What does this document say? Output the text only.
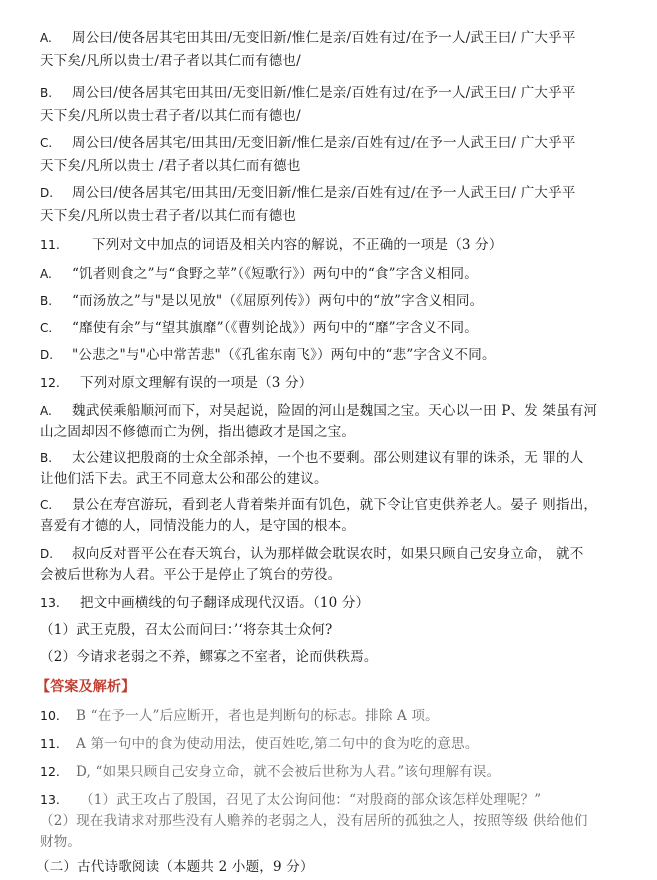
A.	周公曰/使各居其宅田其田/无变旧新/惟仁是亲/百姓有过/在予一人/武王曰/ 广大乎平
天下矣/凡所以贵士/君子者以其仁而有德也/
B.	周公曰/使各居其宅田其田/无变旧新/惟仁是亲/百姓有过/在予一人/武王曰/ 广大乎平
天下矣/凡所以贵士君子者/以其仁而有德也/
C.	周公曰/使各居其宅/田其田/无变旧新/惟仁是亲/百姓有过/在予一人武王曰/ 广大乎平
天下矣/凡所以贵士 /君子者以其仁而有德也
D.	周公曰/使各居其宅/田其田/无变旧新/惟仁是亲/百姓有过/在予一人武王曰/ 广大乎平
天下矣/凡所以贵士君子者/以其仁而有德也
11.	下列对文中加点的词语及相关内容的解说，不正确的一项是（3 分）
A.	“饥者则食之”与“食野之苹”（《短歌行》）两句中的“食”字含义相同。
B.	“而汤放之”与"是以见放"（《屈原列传》）两句中的“放”字含义相同。
C.	“靡使有余”与“望其旗靡”（《曹刿论战》）两句中的“靡”字含义不同。
D.	"公悲之"与"心中常苦悲"（《孔雀东南飞》）两句中的“悲”字含义不同。
12.	下列对原文理解有误的一项是（3 分）
A.	魏武侯乘船顺河而下，对吴起说，险固的河山是魏国之宝。天心以一田 P、发 桀虽有河
山之固却因不修德而亡为例，指出德政才是国之宝。
B.	太公建议把殷商的士众全部杀掉，一个也不要剩。邵公则建议有罪的诛杀，无 罪的人
让他们活下去。武王不同意太公和邵公的建议。
C.	景公在寿宫游玩，看到老人背着柴并面有饥色，就下令让官吏供养老人。晏子 则指出，
喜爱有才德的人，同情没能力的人，是守国的根本。
D.	叔向反对晋平公在春天筑台，认为那样做会耽误农时，如果只顾自己安身立命， 就不
会被后世称为人君。平公于是停止了筑台的劳役。
13.	把文中画横线的句子翻译成现代汉语。（10 分）
（1）武王克殷，召太公而问曰：’‘将奈其士众何?
（2）今请求老弱之不养，鳏寡之不室者，论而供秩焉。
【答案及解析】
10.	B “在予一人”后应断开，者也是判断句的标志。排除 A 项。
11.	A 第一句中的食为使动用法，使百姓吃,第二句中的食为吃的意思。
12.	D, “如果只顾自己安身立命，就不会被后世称为人君。”该句理解有误。
13.	（1）武王攻占了殷国，召见了太公询问他：“对殷商的部众该怎样处理呢？”
（2）现在我请求对那些没有人赡养的老弱之人，没有居所的孤独之人，按照等级 供给他们
财物。
（二）古代诗歌阅读（本题共 2 小题，9 分）
